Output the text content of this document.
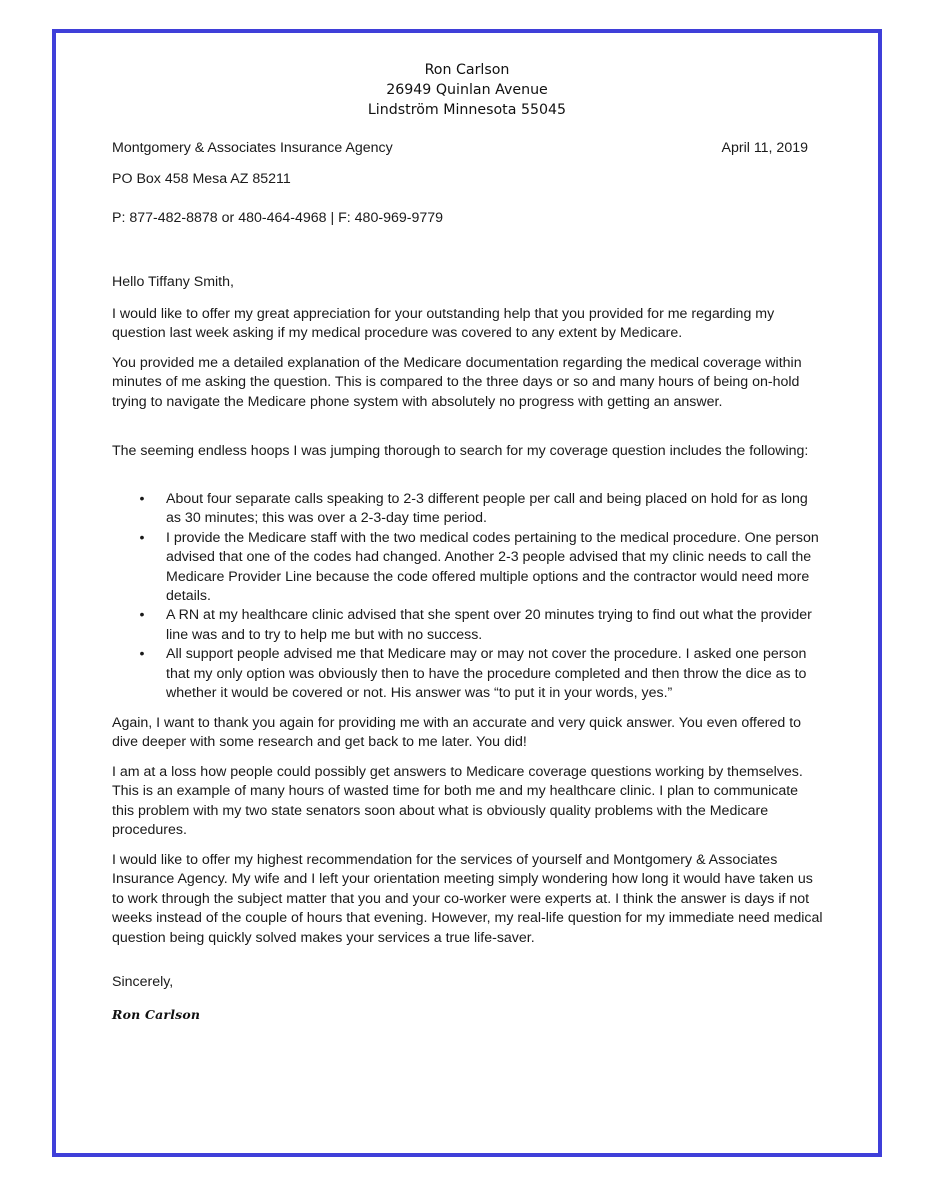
Ron Carlson
26949 Quinlan Avenue
Lindström Minnesota 55045
Montgomery & Associates Insurance Agency	April 11, 2019
PO Box 458 Mesa AZ 85211
P: 877-482-8878 or 480-464-4968 | F: 480-969-9779
Hello Tiffany Smith,

I would like to offer my great appreciation for your outstanding help that you provided for me regarding my question last week asking if my medical procedure was covered to any extent by Medicare.

You provided me a detailed explanation of the Medicare documentation regarding the medical coverage within minutes of me asking the question. This is compared to the three days or so and many hours of being on-hold trying to navigate the Medicare phone system with absolutely no progress with getting an answer.

The seeming endless hoops I was jumping thorough to search for my coverage question includes the following:

• About four separate calls speaking to 2-3 different people per call and being placed on hold for as long as 30 minutes; this was over a 2-3-day time period.
• I provide the Medicare staff with the two medical codes pertaining to the medical procedure. One person advised that one of the codes had changed. Another 2-3 people advised that my clinic needs to call the Medicare Provider Line because the code offered multiple options and the contractor would need more details.
• A RN at my healthcare clinic advised that she spent over 20 minutes trying to find out what the provider line was and to try to help me but with no success.
• All support people advised me that Medicare may or may not cover the procedure. I asked one person that my only option was obviously then to have the procedure completed and then throw the dice as to whether it would be covered or not. His answer was “to put it in your words, yes.”

Again, I want to thank you again for providing me with an accurate and very quick answer. You even offered to dive deeper with some research and get back to me later. You did!

I am at a loss how people could possibly get answers to Medicare coverage questions working by themselves. This is an example of many hours of wasted time for both me and my healthcare clinic. I plan to communicate this problem with my two state senators soon about what is obviously quality problems with the Medicare procedures.

I would like to offer my highest recommendation for the services of yourself and Montgomery & Associates Insurance Agency. My wife and I left your orientation meeting simply wondering how long it would have taken us to work through the subject matter that you and your co-worker were experts at. I think the answer is days if not weeks instead of the couple of hours that evening. However, my real-life question for my immediate need medical question being quickly solved makes your services a true life-saver.

Sincerely,
Ron Carlson
